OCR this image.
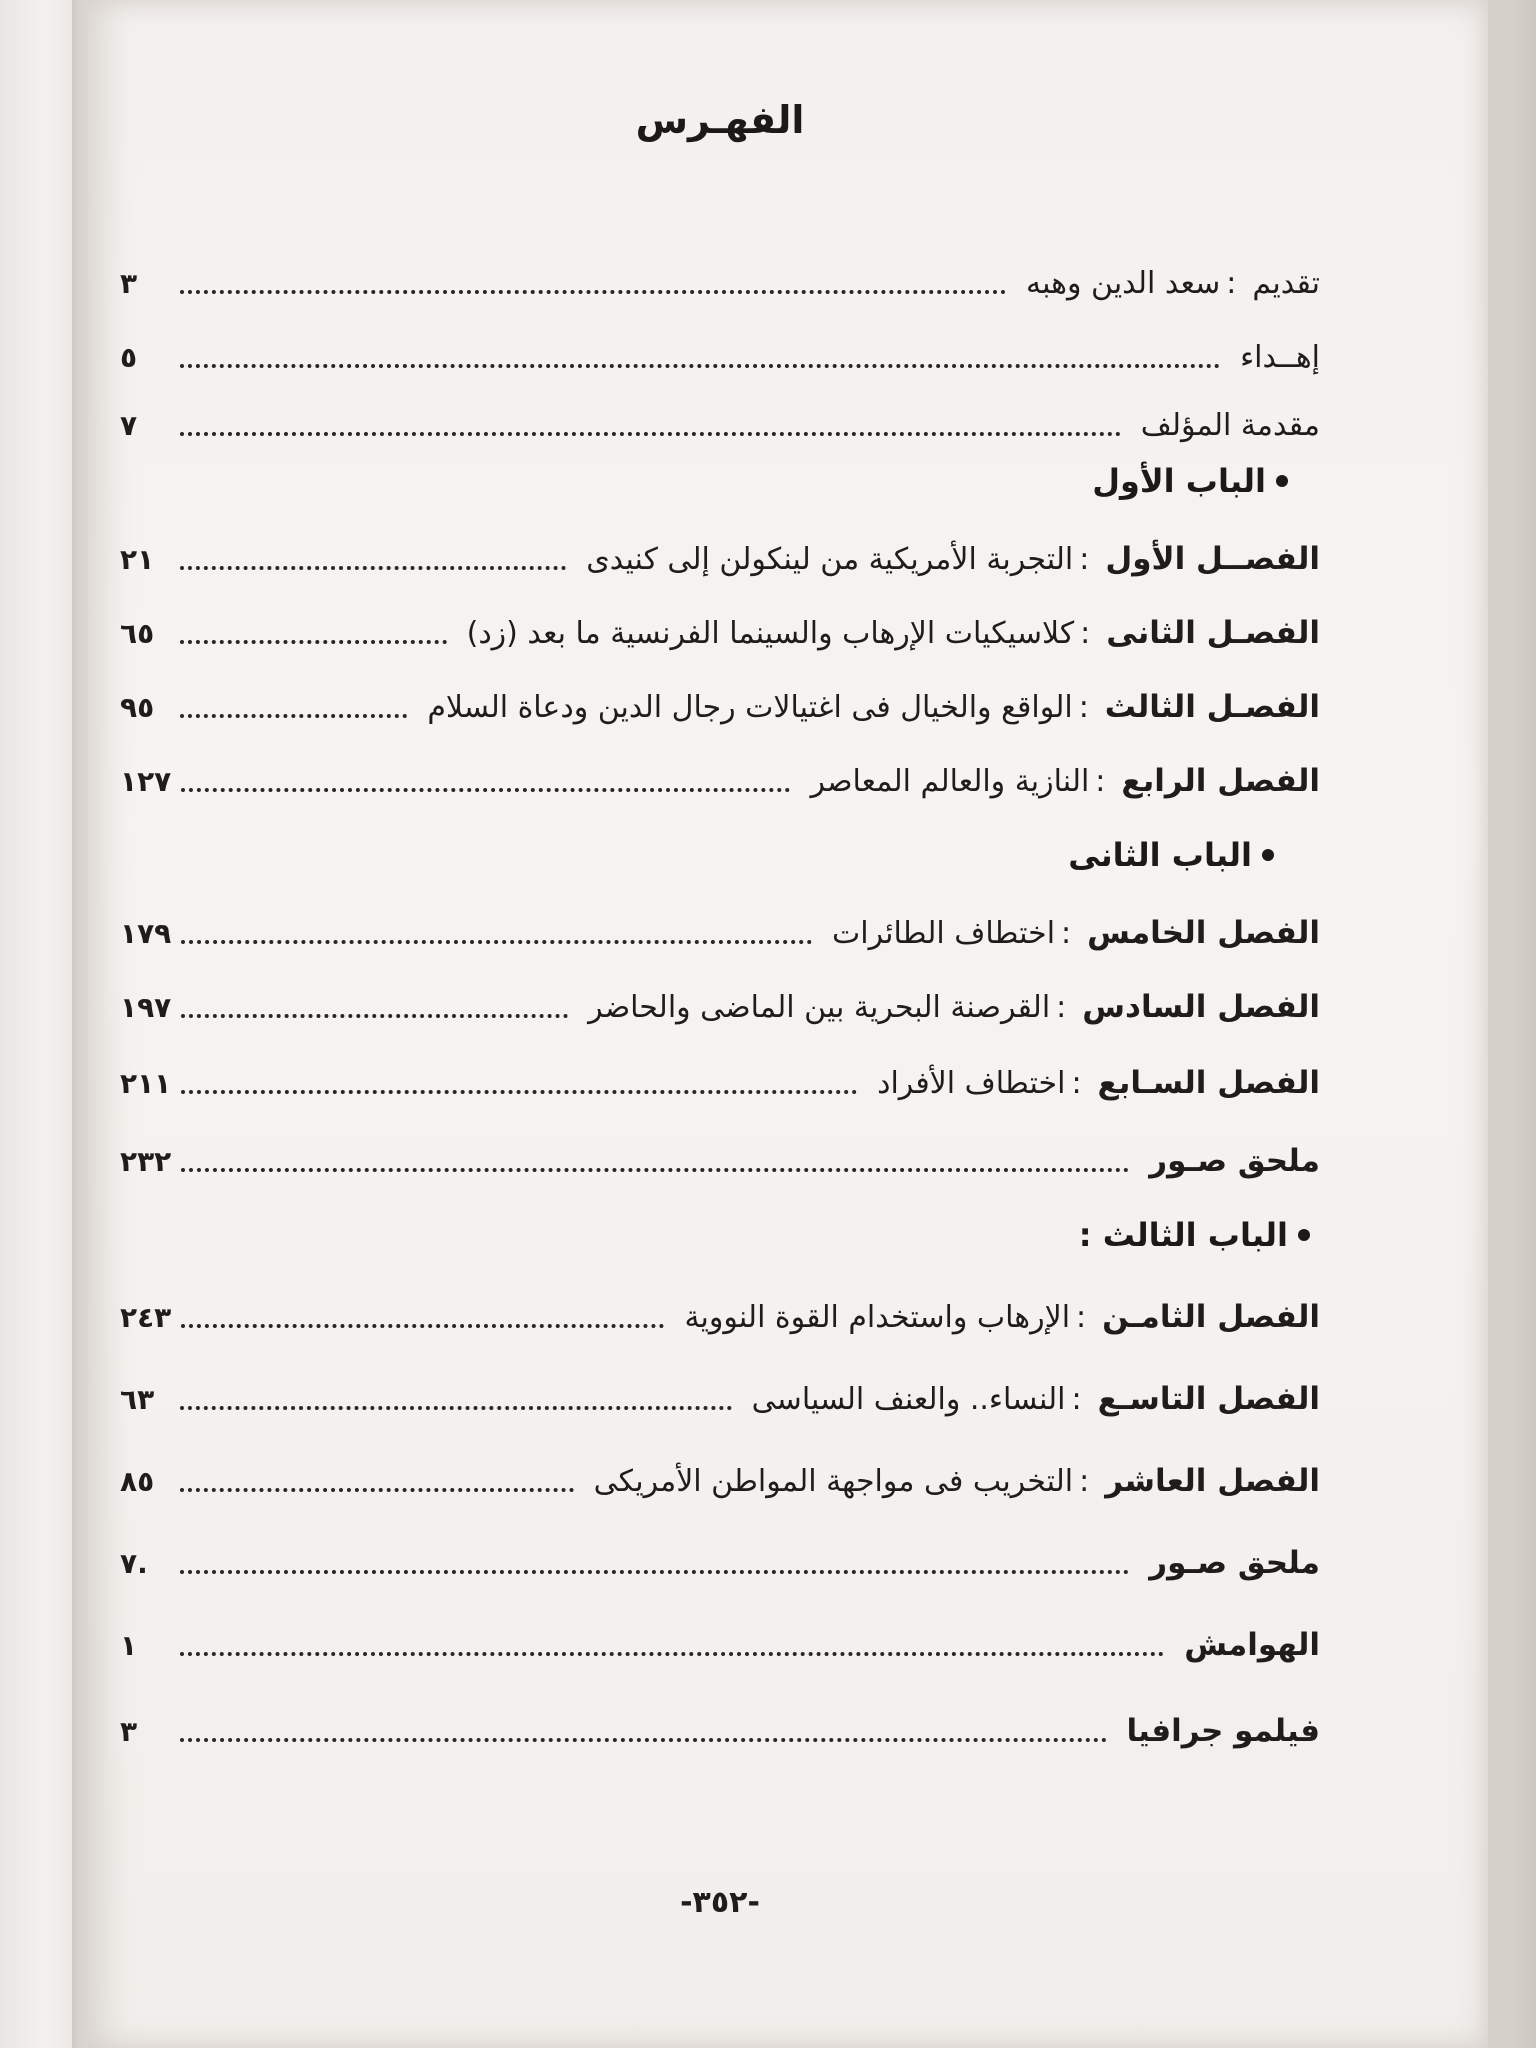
الفهـرس
تقديم
:
سعد الدين وهبه
٣
إهــداء
٥
مقدمة المؤلف
٧
الباب الأول
الفصــل الأول
:
التجربة الأمريكية من لينكولن إلى كنيدى
٢١
الفصـل الثانى
:
كلاسيكيات الإرهاب والسينما الفرنسية ما بعد (زد)
٦٥
الفصـل الثالث
:
الواقع والخيال فى اغتيالات رجال الدين ودعاة السلام
٩٥
الفصل الرابع
:
النازية والعالم المعاصر
١٢٧
الباب الثانى
الفصل الخامس
:
اختطاف الطائرات
١٧٩
الفصل السادس
:
القرصنة البحرية بين الماضى والحاضر
١٩٧
الفصل السـابع
:
اختطاف الأفراد
٢١١
ملحق صـور
٢٣٢
الباب الثالث :
الفصل الثامـن
:
الإرهاب واستخدام القوة النووية
٢٤٣
الفصل التاسـع
:
النساء.. والعنف السياسى
٦٣
الفصل العاشر
:
التخريب فى مواجهة المواطن الأمريكى
٨٥
ملحق صـور
.٧
الهوامش
١
فيلمو جرافيا
٣
-٣٥٢-
